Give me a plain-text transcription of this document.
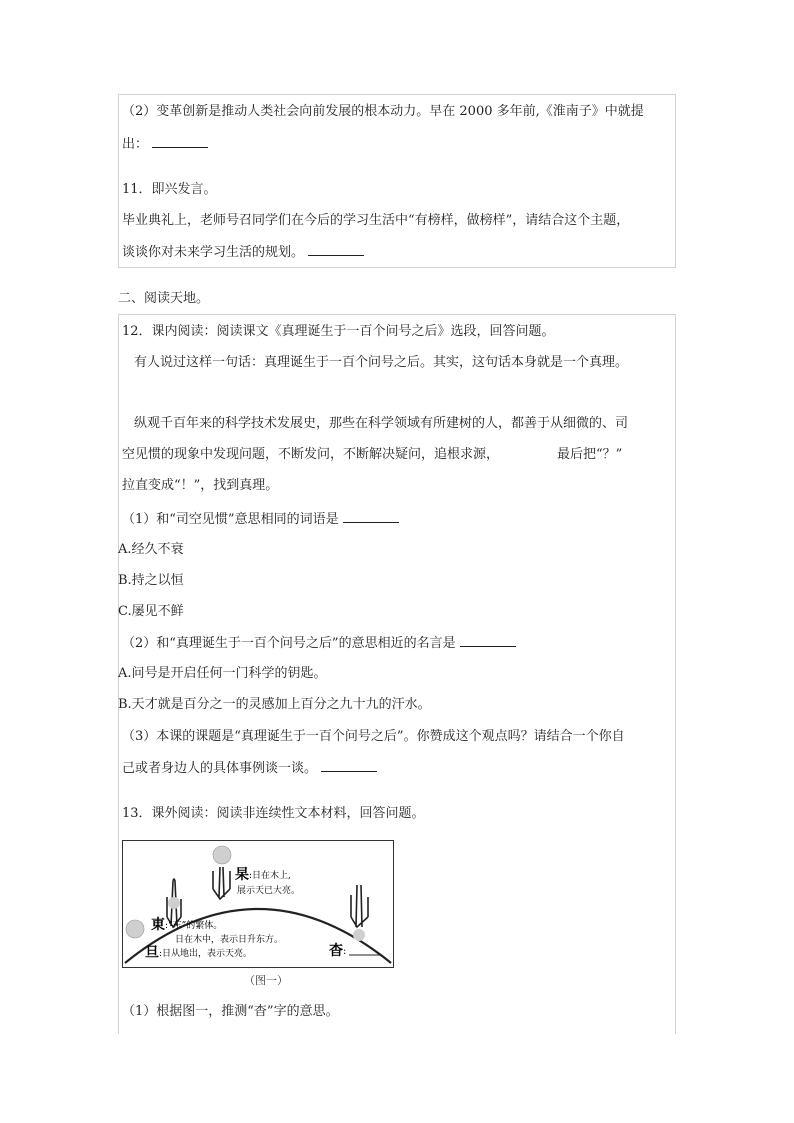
（2）变革创新是推动人类社会向前发展的根本动力。早在 2000 多年前,《淮南子》中就提
出：
11．即兴发言。
毕业典礼上，老师号召同学们在今后的学习生活中“有榜样，做榜样”，请结合这个主题，
谈谈你对未来学习生活的规划。
二、阅读天地。
12．课内阅读：阅读课文《真理诞生于一百个问号之后》选段，回答问题。
有人说过这样一句话：真理诞生于一百个问号之后。其实，这句话本身就是一个真理。
纵观千百年来的科学技术发展史，那些在科学领域有所建树的人，都善于从细微的、司
空见惯的现象中发现问题，不断发问，不断解决疑问，追根求源，	最后把“？”
拉直变成“！”，找到真理。
（1）和“司空见惯”意思相同的词语是
A.经久不衰
B.持之以恒
C.屡见不鲜
（2）和“真理诞生于一百个问号之后”的意思相近的名言是
A.问号是开启任何一门科学的钥匙。
B.天才就是百分之一的灵感加上百分之九十九的汗水。
（3）本课的课题是“真理诞生于一百个问号之后”。你赞成这个观点吗？请结合一个你自
己或者身边人的具体事例谈一谈。
13．课外阅读：阅读非连续性文本材料，回答问题。
杲 :日在木上,
展示天已大亮。
東 :“东”的繁体。
日在木中，表示日升东方。
旦 :日从地出，表示天亮。	杳 :
（图一）
（1）根据图一，推测“杳”字的意思。
